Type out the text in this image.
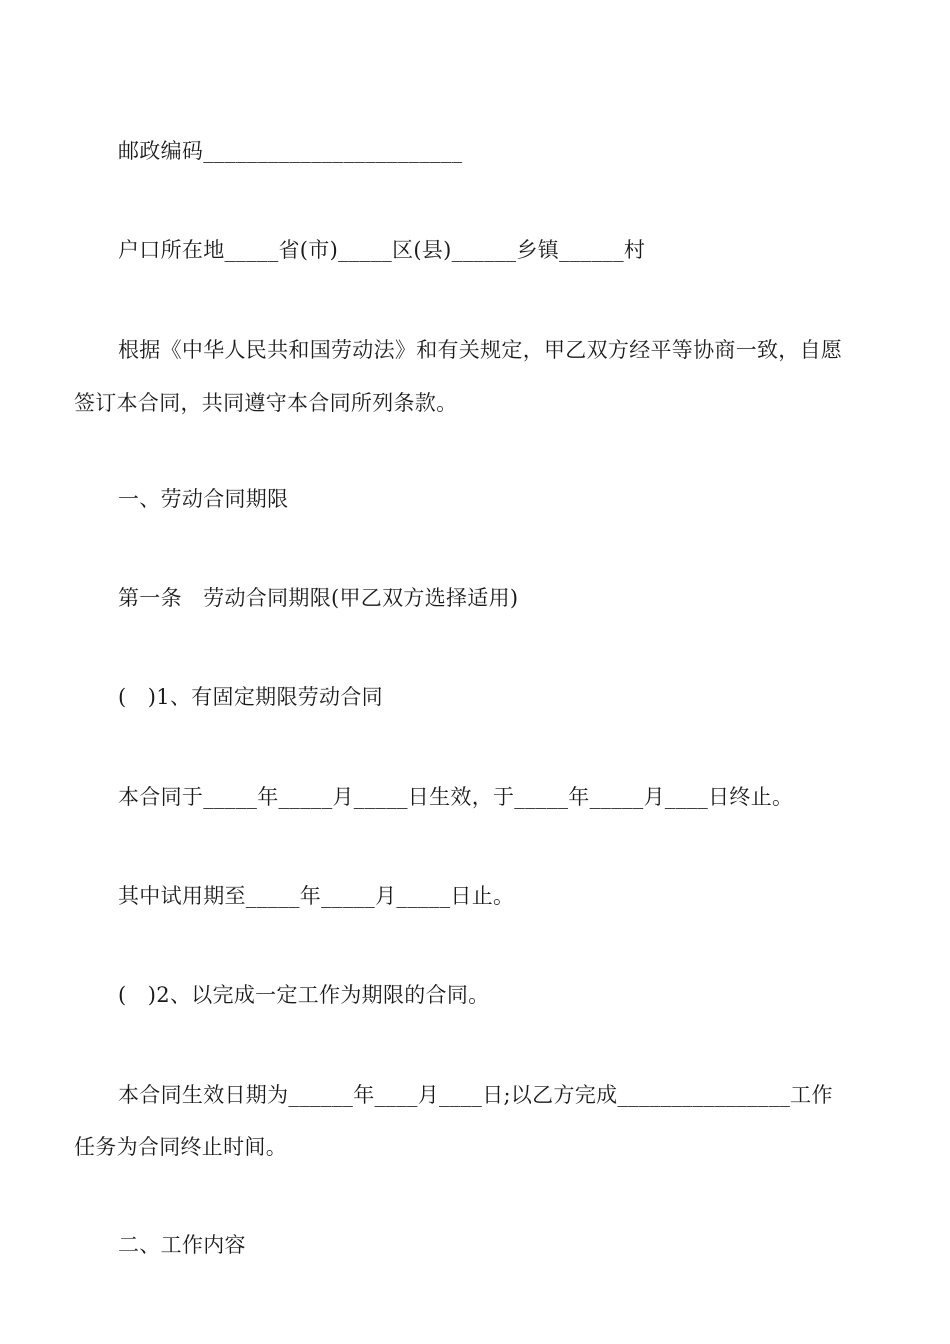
邮政编码________________________
户口所在地_____省(市)_____区(县)______乡镇______村
根据《中华人民共和国劳动法》和有关规定，甲乙双方经平等协商一致，自愿
签订本合同，共同遵守本合同所列条款。
一、劳动合同期限
第一条　劳动合同期限(甲乙双方选择适用)
(　)1、有固定期限劳动合同
本合同于_____年_____月_____日生效，于_____年_____月____日终止。
其中试用期至_____年_____月_____日止。
(　)2、以完成一定工作为期限的合同。
本合同生效日期为______年____月____日;以乙方完成________________工作
任务为合同终止时间。
二、工作内容
